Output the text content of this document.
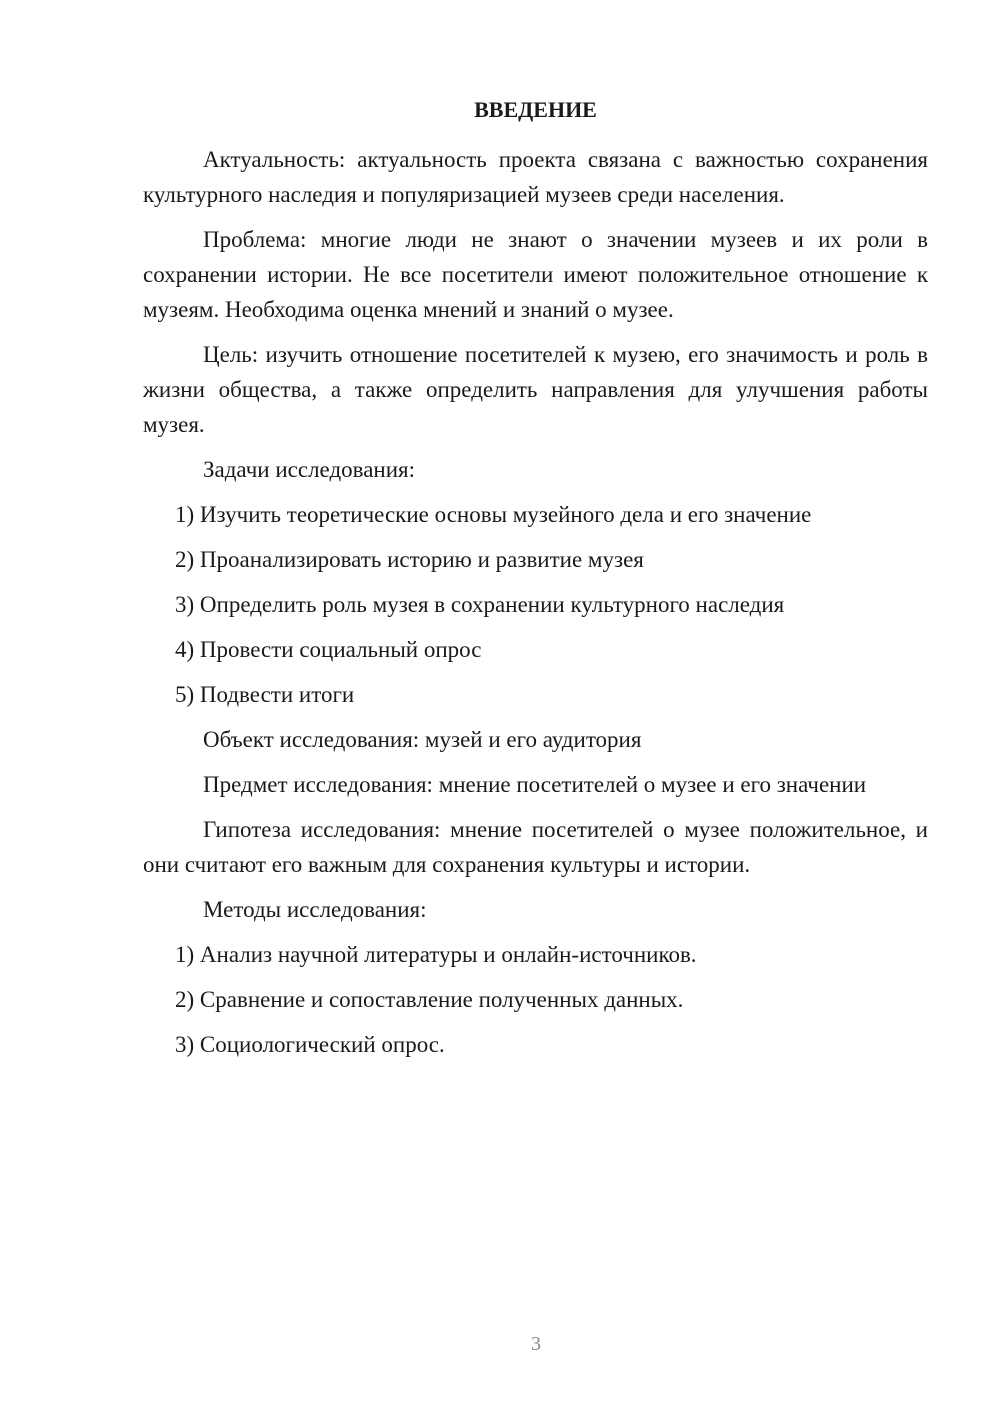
ВВЕДЕНИЕ

Актуальность: актуальность проекта связана с важностью сохранения культурного наследия и популяризацией музеев среди населения.

Проблема: многие люди не знают о значении музеев и их роли в сохранении истории. Не все посетители имеют положительное отношение к музеям. Необходима оценка мнений и знаний о музее.

Цель: изучить отношение посетителей к музею, его значимость и роль в жизни общества, а также определить направления для улучшения работы музея.

Задачи исследования:

1) Изучить теоретические основы музейного дела и его значение

2) Проанализировать историю и развитие музея

3) Определить роль музея в сохранении культурного наследия

4) Провести социальный опрос

5) Подвести итоги

Объект исследования: музей и его аудитория

Предмет исследования: мнение посетителей о музее и его значении

Гипотеза исследования: мнение посетителей о музее положительное, и они считают его важным для сохранения культуры и истории.

Методы исследования:

1) Анализ научной литературы и онлайн-источников.

2) Сравнение и сопоставление полученных данных.

3) Социологический опрос.

3
